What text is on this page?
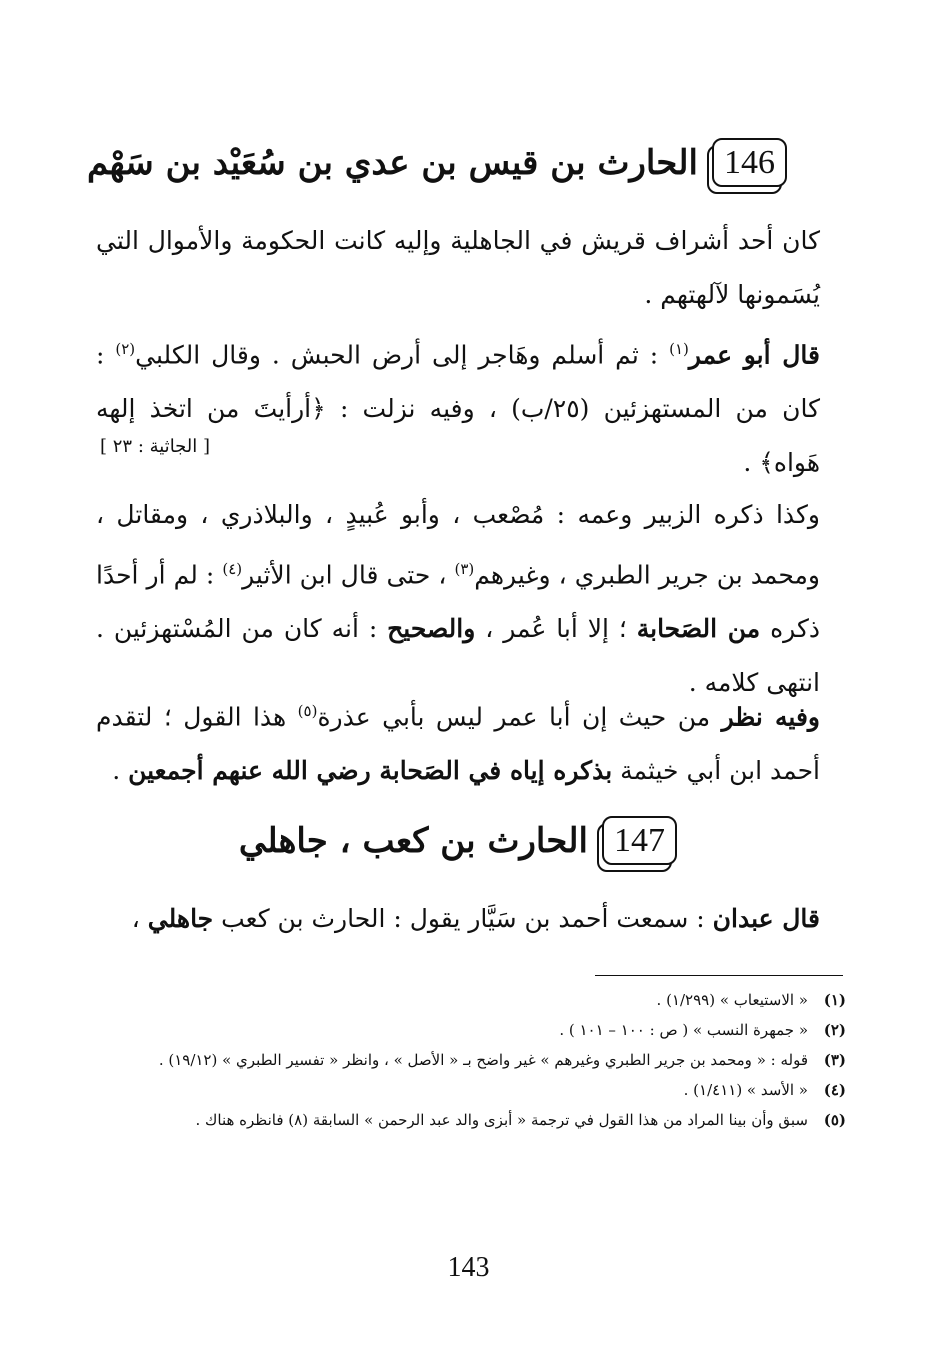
146
الحارث بن قيس بن عدي بن سُعَيْد بن سَهْم
كان أحد أشراف قريش في الجاهلية وإليه كانت الحكومة والأموال التي يُسَمونها لآلهتهم .
قال أبو عمر$^{(١)}$ : ثم أسلم وهَاجر إلى أرض الحبش . وقال الكلبي$^{(٢)}$ : كان من المستهزئين (٢٥/ب) ، وفيه نزلت : ﴿أرأيتَ من اتخذ إلهه هَواه﴾ .
[ الجاثية : ٢٣ ]
وكذا ذكره الزبير وعمه : مُصْعب ، وأبو عُبيدٍ ، والبلاذري ، ومقاتل ، ومحمد بن جرير الطبري ، وغيرهم$^{(٣)}$ ، حتى قال ابن الأثير$^{(٤)}$ : لم أر أحدًا ذكره من الصَحابة ؛ إلا أبا عُمر ، والصحيح : أنه كان من المُسْتهزئين . انتهى كلامه .
وفيه نظر من حيث إن أبا عمر ليس بأبي عذرة$^{(٥)}$ هذا القول ؛ لتقدم أحمد ابن أبي خيثمة بذكره إياه في الصَحابة رضي الله عنهم أجمعين .
147
الحارث بن كعب ، جاهلي
قال عبدان : سمعت أحمد بن سَيَّار يقول : الحارث بن كعب جاهلي ،
(١)
« الاستيعاب » (١/٢٩٩) .
(٢)
« جمهرة النسب » ( ص : ١٠٠ – ١٠١ ) .
(٣)
قوله : « ومحمد بن جرير الطبري وغيرهم » غير واضح بـ « الأصل » ، وانظر « تفسير الطبري » (١٩/١٢) .
(٤)
« الأسد » (١/٤١١) .
(٥)
سبق وأن بينا المراد من هذا القول في ترجمة « أبزى والد عبد الرحمن » السابقة (٨) فانظره هناك .
143
